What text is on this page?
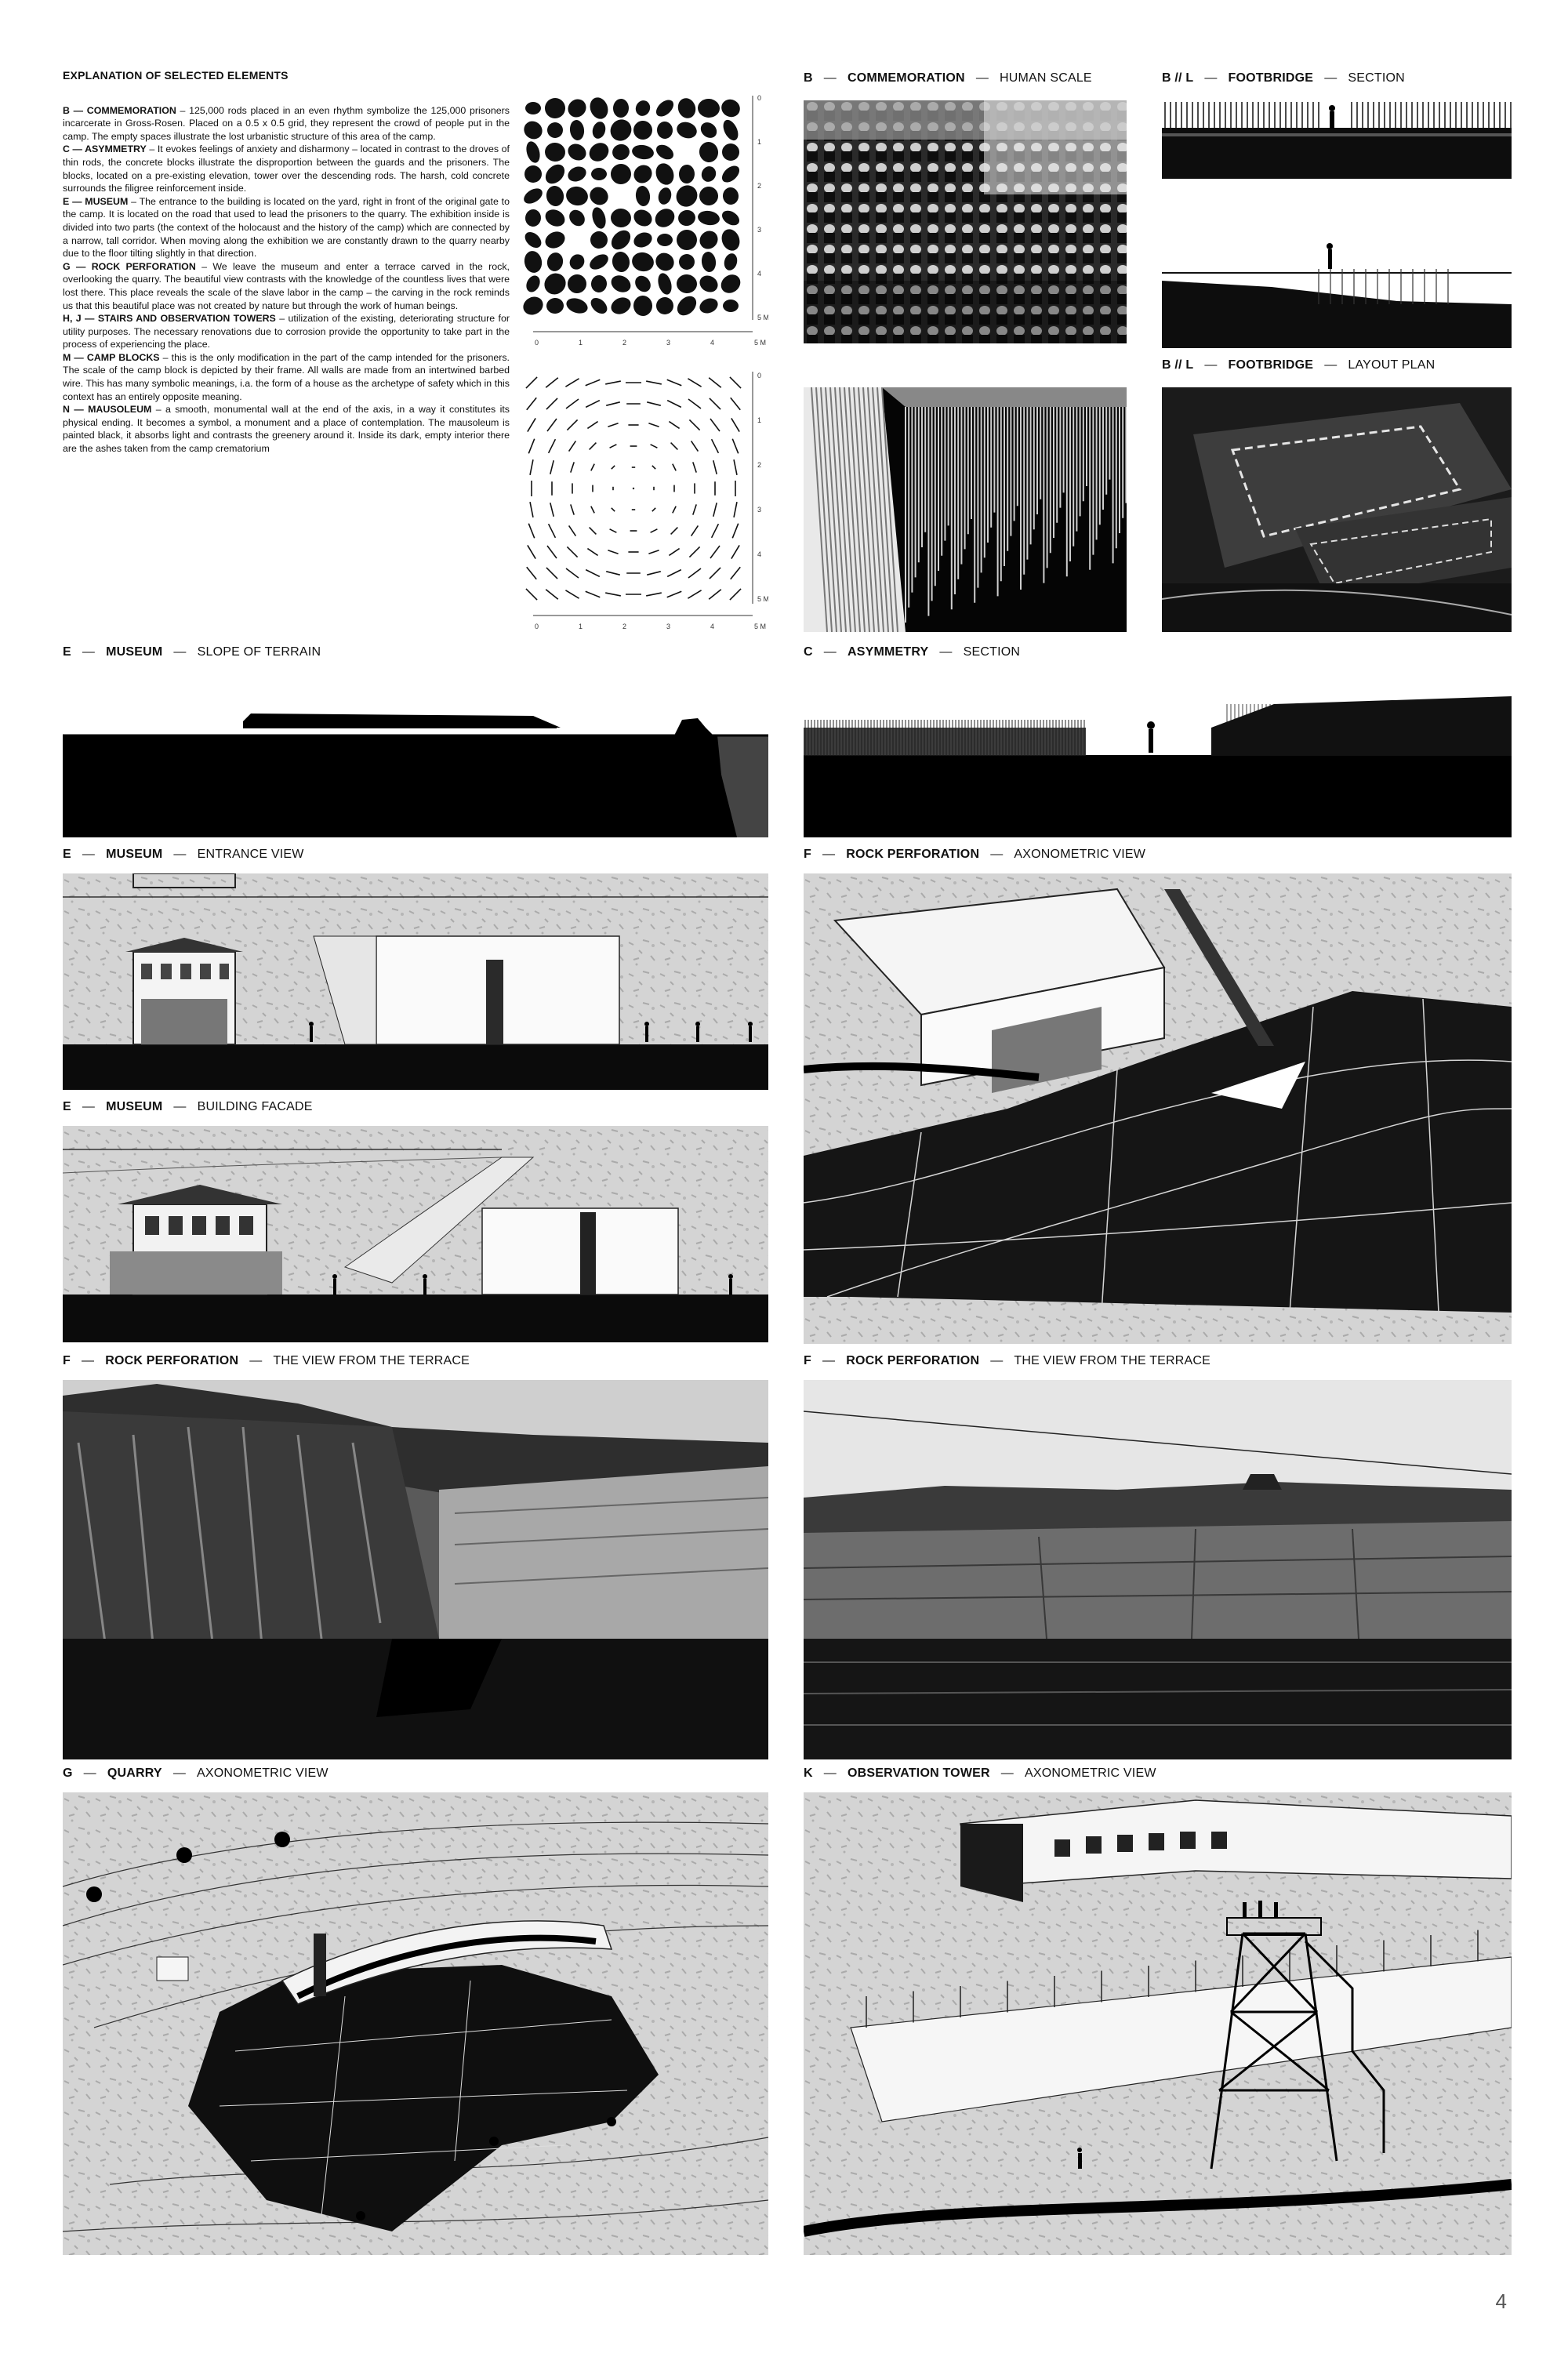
EXPLANATION OF SELECTED ELEMENTS

B — COMMEMORATION – 125,000 rods placed in an even rhythm symbolize the 125,000 prisoners incarcerate in Gross-Rosen. Placed on a 0.5 x 0.5 grid, they represent the crowd of people put in the camp. The empty spaces illustrate the lost urbanistic structure of this area of the camp.

C — ASYMMETRY – It evokes feelings of anxiety and disharmony – located in contrast to the droves of thin rods, the concrete blocks illustrate the disproportion between the guards and the prisoners. The blocks, located on a pre-existing elevation, tower over the descending rods. The harsh, cold concrete surrounds the filigree reinforcement inside.

E — MUSEUM – The entrance to the building is located on the yard, right in front of the original gate to the camp. It is located on the road that used to lead the prisoners to the quarry. The exhibition inside is divided into two parts (the context of the holocaust and the history of the camp) which are connected by a narrow, tall corridor. When moving along the exhibition we are constantly drawn to the quarry nearby due to the floor tilting slightly in that direction.

G — ROCK PERFORATION – We leave the museum and enter a terrace carved in the rock, overlooking the quarry. The beautiful view contrasts with the knowledge of the countless lives that were lost there. This place reveals the scale of the slave labor in the camp – the carving in the rock reminds us that this beautiful place was not created by nature but through the work of human beings.

H, J — STAIRS AND OBSERVATION TOWERS – utilization of the existing, deteriorating structure for utility purposes. The necessary renovations due to corrosion provide the opportunity to take part in the process of experiencing the place.

M — CAMP BLOCKS – this is the only modification in the part of the camp intended for the prisoners. The scale of the camp block is depicted by their frame. All walls are made from an intertwined barbed wire. This has many symbolic meanings, i.a. the form of a house as the archetype of safety which in this context has an entirely opposite meaning.

N — MAUSOLEUM – a smooth, monumental wall at the end of the axis, in a way it constitutes its physical ending. It becomes a symbol, a monument and a place of contemplation. The mausoleum is painted black, it absorbs light and contrasts the greenery around it. Inside its dark, empty interior there are the ashes taken from the camp crematorium

0	1	2	3	4	5 M
0
1
2
3
4
5 M
0	1	2	3	4	5 M
0
1
2
3
4
5 M
B — COMMEMORATION — HUMAN SCALE	B // L — FOOTBRIDGE — SECTION
B // L — FOOTBRIDGE — LAYOUT PLAN
E — MUSEUM — SLOPE OF TERRAIN	C — ASYMMETRY — SECTION
E — MUSEUM — ENTRANCE VIEW	F — ROCK PERFORATION — AXONOMETRIC VIEW
E — MUSEUM — BUILDING FACADE
F — ROCK PERFORATION — THE VIEW FROM THE TERRACE	F — ROCK PERFORATION — THE VIEW FROM THE TERRACE
G — QUARRY — AXONOMETRIC VIEW	K — OBSERVATION TOWER — AXONOMETRIC VIEW
4
